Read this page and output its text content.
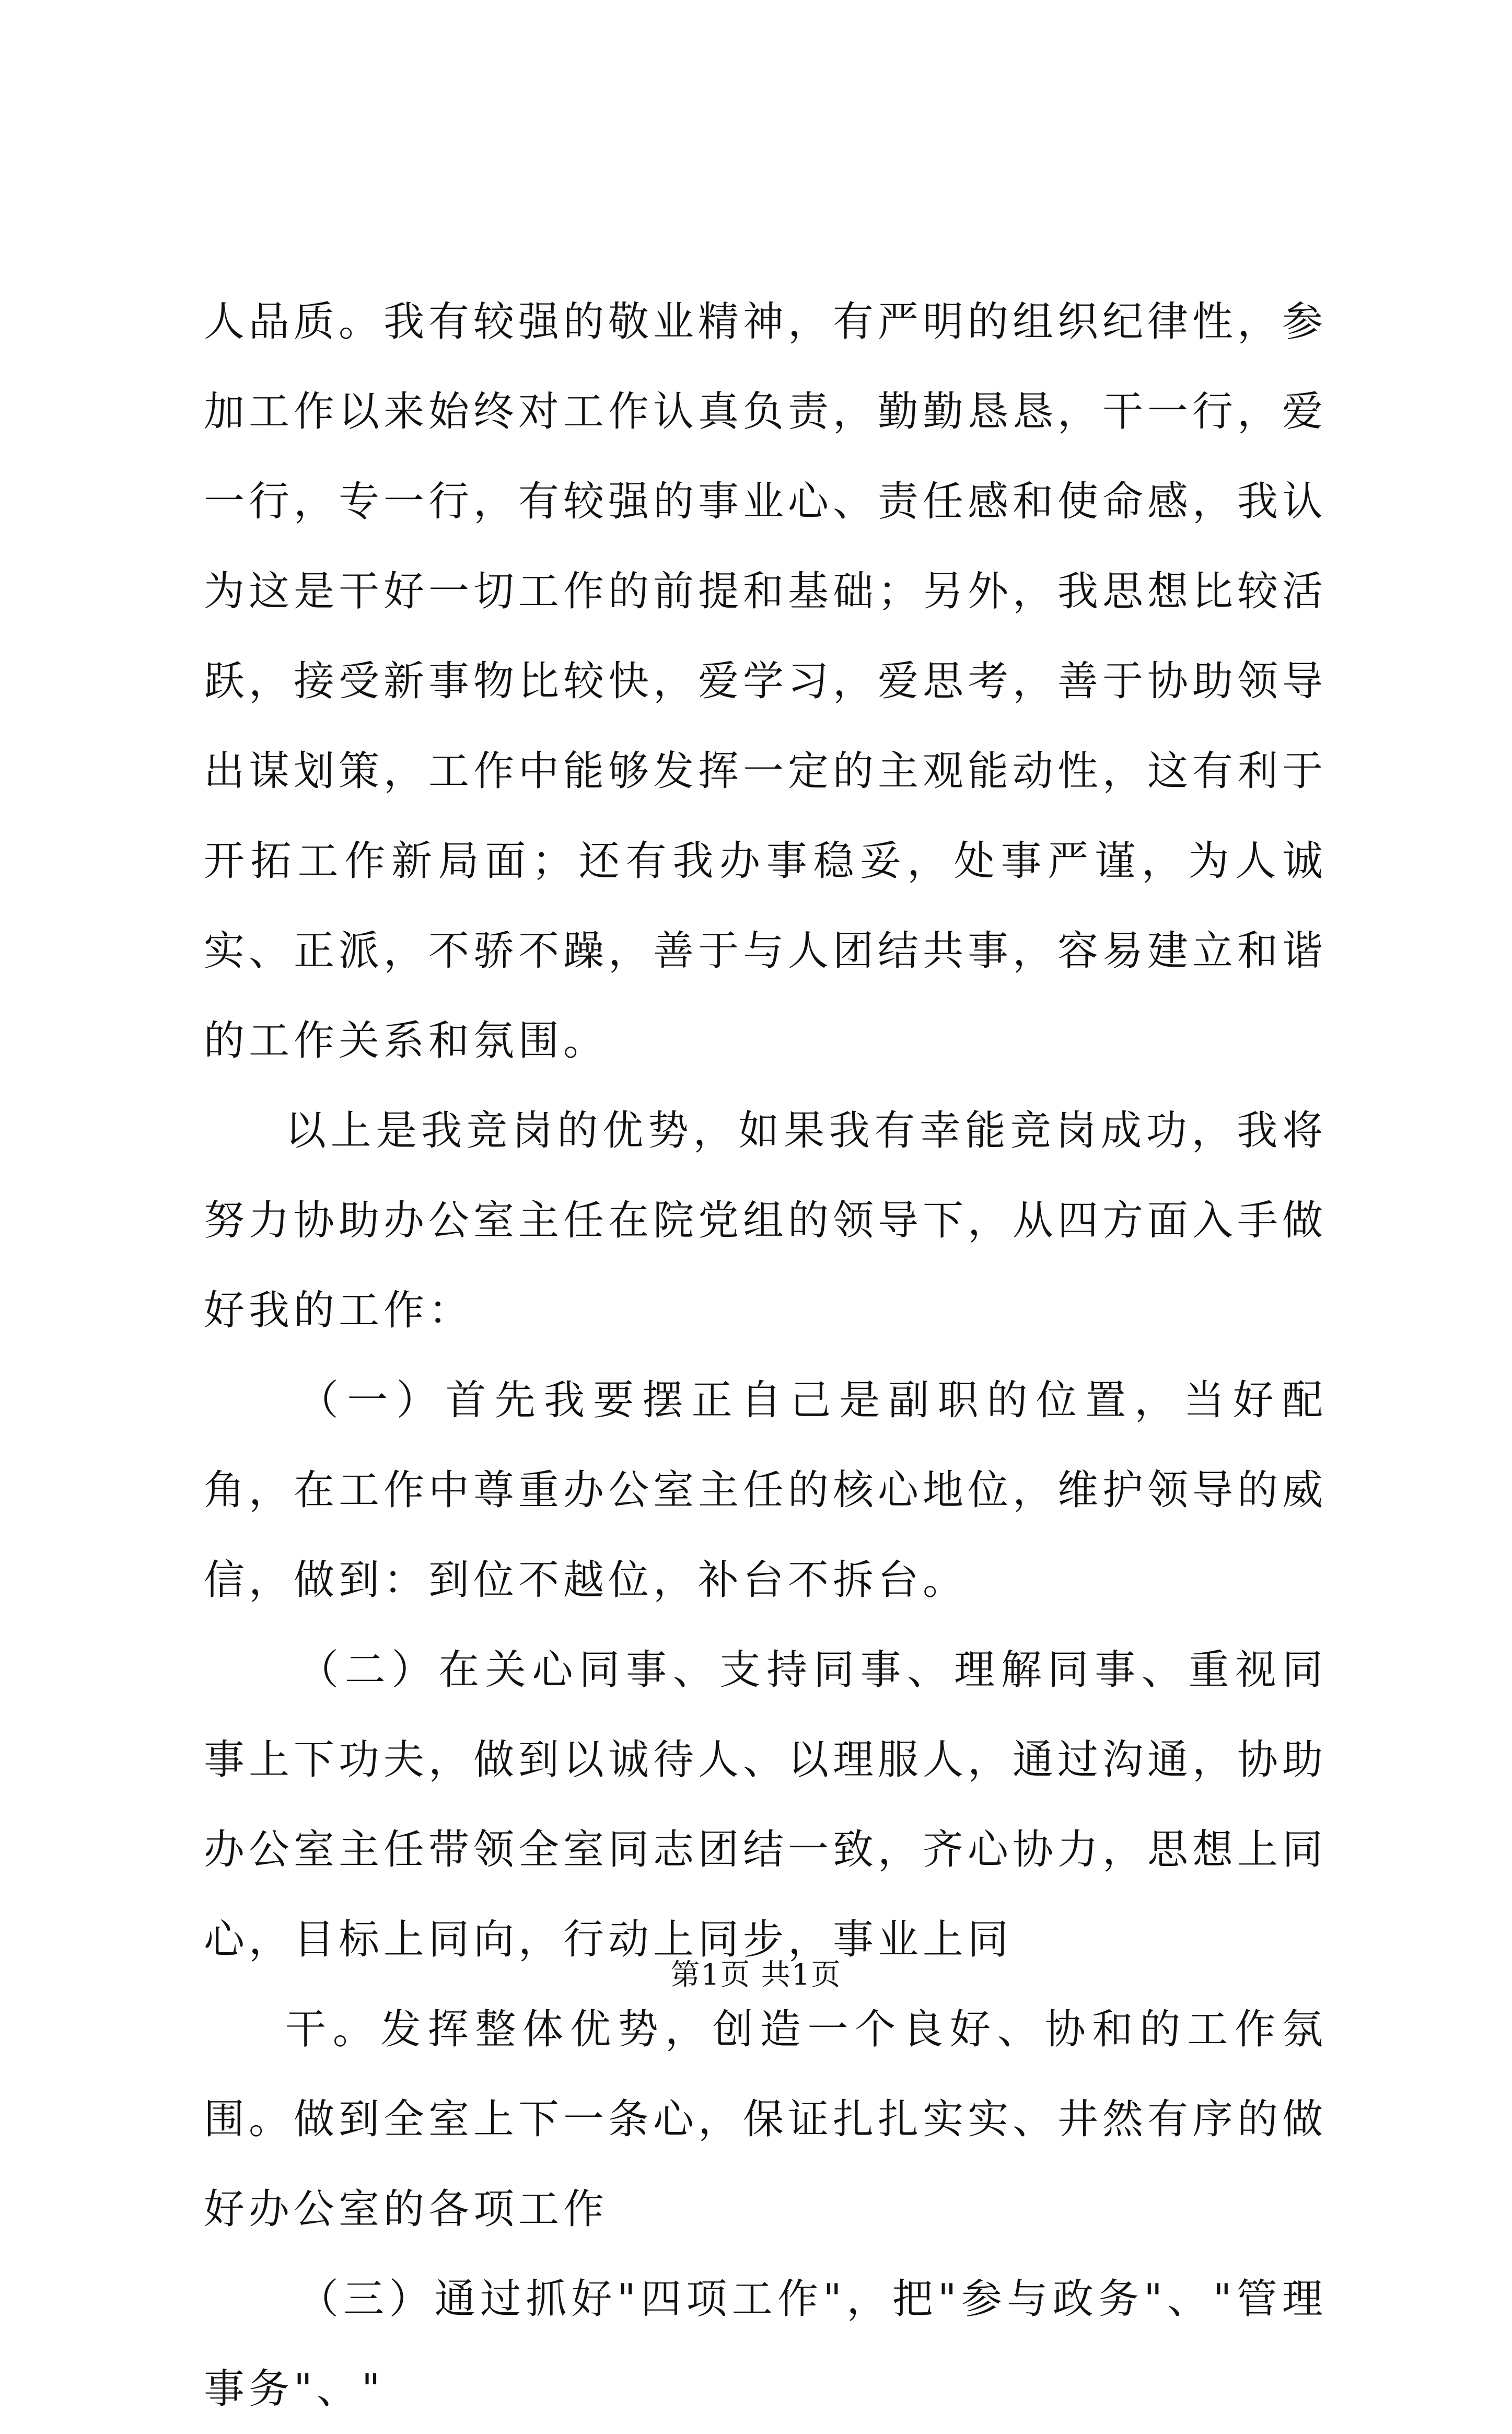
人品质。我有较强的敬业精神，有严明的组织纪律性，参加工作以来始终对工作认真负责，勤勤恳恳，干一行，爱一行，专一行，有较强的事业心、责任感和使命感，我认为这是干好一切工作的前提和基础；另外，我思想比较活跃，接受新事物比较快，爱学习，爱思考，善于协助领导出谋划策，工作中能够发挥一定的主观能动性，这有利于开拓工作新局面；还有我办事稳妥，处事严谨，为人诚实、正派，不骄不躁，善于与人团结共事，容易建立和谐的工作关系和氛围。

以上是我竞岗的优势，如果我有幸能竞岗成功，我将努力协助办公室主任在院党组的领导下，从四方面入手做好我的工作：

（一）首先我要摆正自己是副职的位置，当好配角，在工作中尊重办公室主任的核心地位，维护领导的威信，做到：到位不越位，补台不拆台。

（二）在关心同事、支持同事、理解同事、重视同事上下功夫，做到以诚待人、以理服人，通过沟通，协助办公室主任带领全室同志团结一致，齐心协力，思想上同心，目标上同向，行动上同步，事业上同

干。发挥整体优势，创造一个良好、协和的工作氛围。做到全室上下一条心，保证扎扎实实、井然有序的做好办公室的各项工作

（三）通过抓好"四项工作"，把"参与政务"、"管理事务"、"

第1页 共1页
